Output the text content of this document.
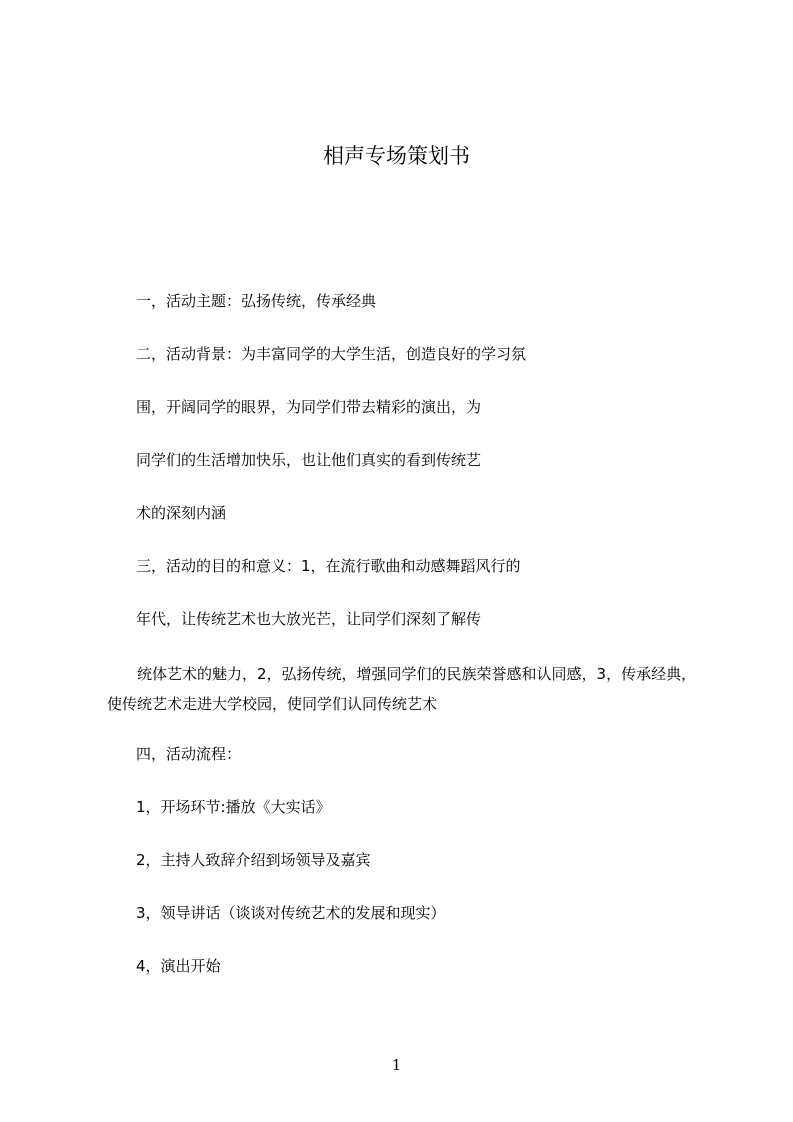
相声专场策划书

一，活动主题：弘扬传统，传承经典

二，活动背景：为丰富同学的大学生活，创造良好的学习氛

围，开阔同学的眼界，为同学们带去精彩的演出，为

同学们的生活增加快乐，也让他们真实的看到传统艺

术的深刻内涵

三，活动的目的和意义：1，在流行歌曲和动感舞蹈风行的

年代，让传统艺术也大放光芒，让同学们深刻了解传

统体艺术的魅力，2，弘扬传统，增强同学们的民族荣誉感和认同感，3，传承经典，使传统艺术走进大学校园，使同学们认同传统艺术

四，活动流程：

1，开场环节:播放《大实话》

2，主持人致辞介绍到场领导及嘉宾

3，领导讲话（谈谈对传统艺术的发展和现实）

4，演出开始

1
